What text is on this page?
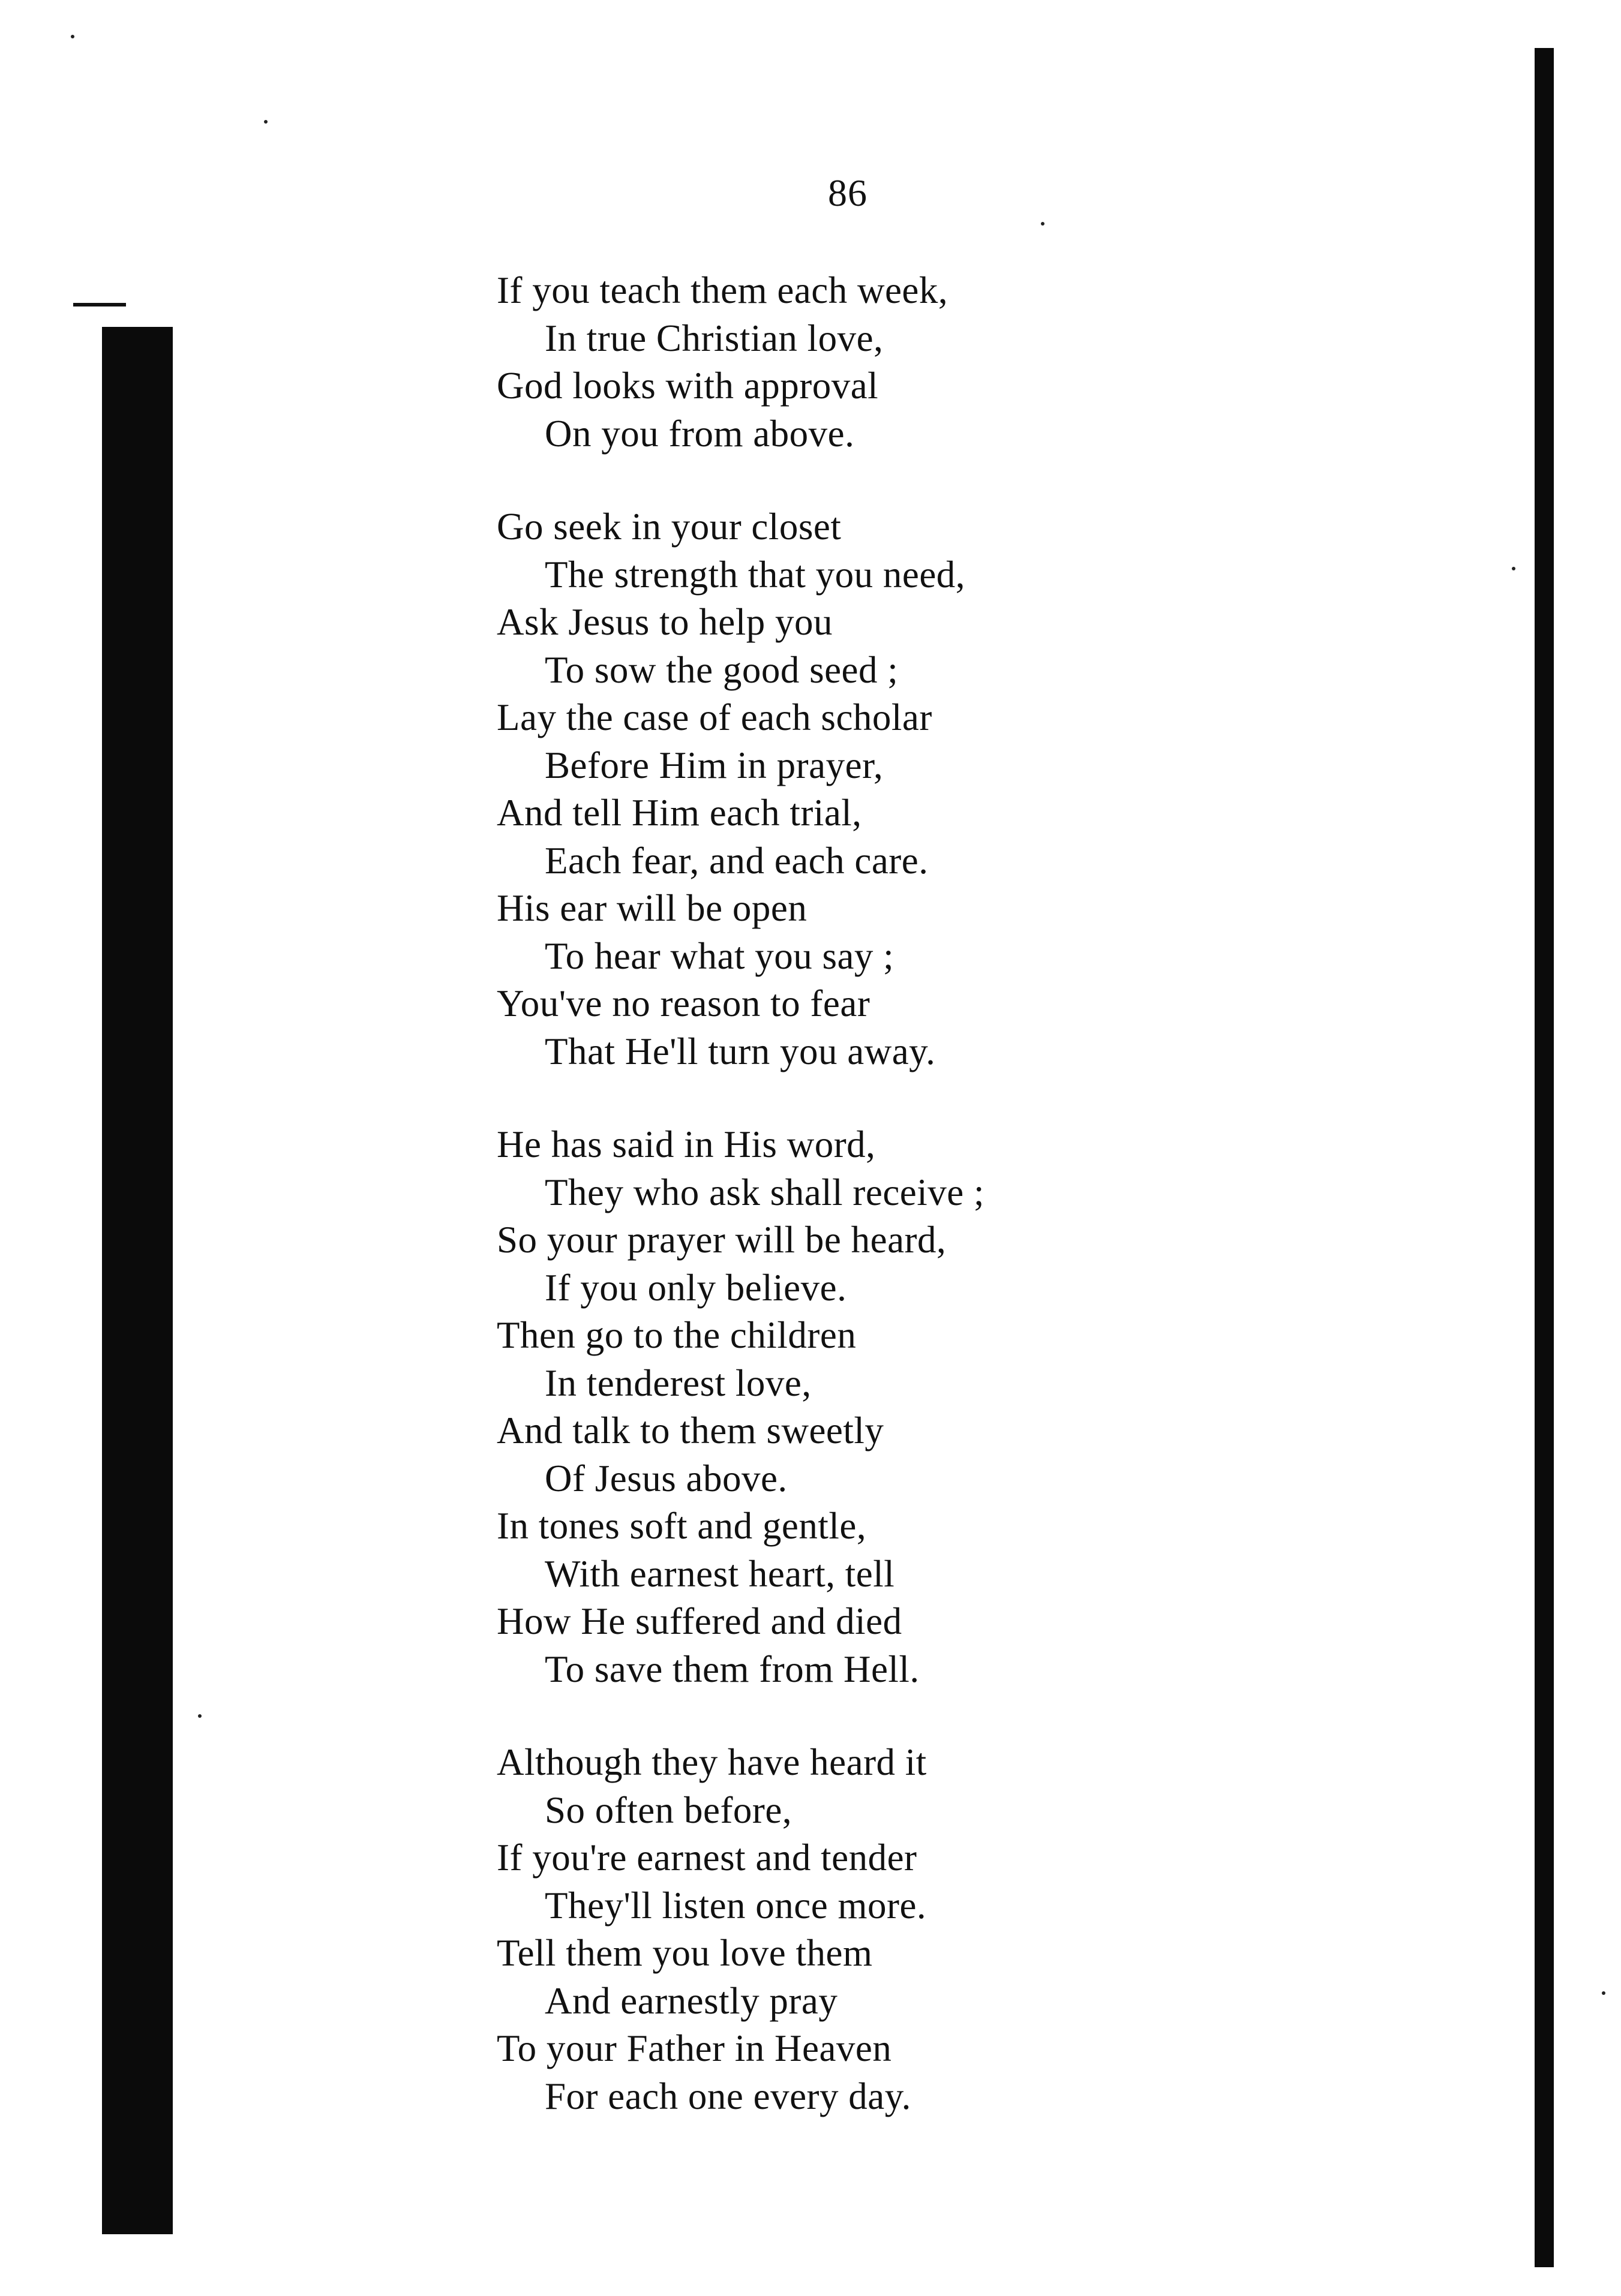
86
If you teach them each week,
In true Christian love,
God looks with approval
On you from above.
Go seek in your closet
The strength that you need,
Ask Jesus to help you
To sow the good seed ;
Lay the case of each scholar
Before Him in prayer,
And tell Him each trial,
Each fear, and each care.
His ear will be open
To hear what you say ;
You've no reason to fear
That He'll turn you away.
He has said in His word,
They who ask shall receive ;
So your prayer will be heard,
If you only believe.
Then go to the children
In tenderest love,
And talk to them sweetly
Of Jesus above.
In tones soft and gentle,
With earnest heart, tell
How He suffered and died
To save them from Hell.
Although they have heard it
So often before,
If you're earnest and tender
They'll listen once more.
Tell them you love them
And earnestly pray
To your Father in Heaven
For each one every day.
